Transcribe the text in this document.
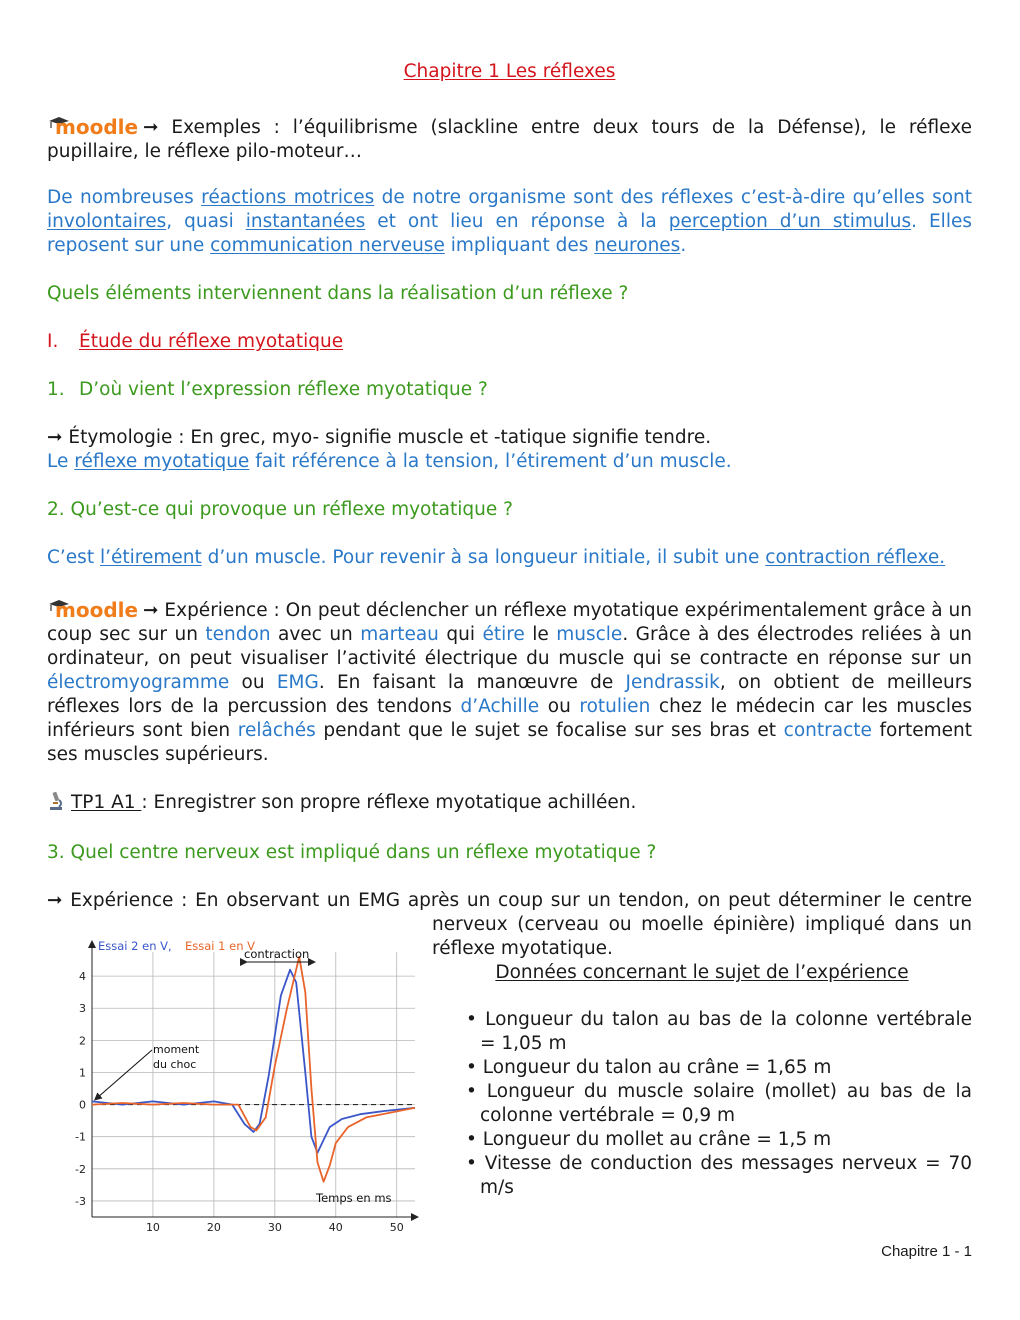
Chapitre 1 Les réflexes
moodle ➞ Exemples : l’équilibrisme (slackline entre deux tours de la Défense), le réflexe pupillaire, le réflexe pilo-moteur…
De nombreuses réactions motrices de notre organisme sont des réflexes c’est-à-dire qu’elles sont involontaires, quasi instantanées et ont lieu en réponse à la perception d’un stimulus. Elles reposent sur une communication nerveuse impliquant des neurones.
Quels éléments interviennent dans la réalisation d’un réflexe ?
I. Étude du réflexe myotatique
1. D’où vient l’expression réflexe myotatique ?
➞ Étymologie : En grec, myo- signifie muscle et -tatique signifie tendre.
Le réflexe myotatique fait référence à la tension, l’étirement d’un muscle.
2. Qu’est-ce qui provoque un réflexe myotatique ?
C’est l’étirement d’un muscle. Pour revenir à sa longueur initiale, il subit une contraction réflexe.
moodle ➞ Expérience : On peut déclencher un réflexe myotatique expérimentalement grâce à un coup sec sur un tendon avec un marteau qui étire le muscle. Grâce à des électrodes reliées à un ordinateur, on peut visualiser l’activité électrique du muscle qui se contracte en réponse sur un électromyogramme ou EMG. En faisant la manœuvre de Jendrassik, on obtient de meilleurs réflexes lors de la percussion des tendons d’Achille ou rotulien chez le médecin car les muscles inférieurs sont bien relâchés pendant que le sujet se focalise sur ses bras et contracte fortement ses muscles supérieurs.
TP1 A1 : Enregistrer son propre réflexe myotatique achilléen.
3. Quel centre nerveux est impliqué dans un réflexe myotatique ?
➞ Expérience : En observant un EMG après un coup sur un tendon, on peut déterminer le centre
nerveux (cerveau ou moelle épinière) impliqué dans un réflexe myotatique.
Données concernant le sujet de l’expérience
• Longueur du talon au bas de la colonne vertébrale = 1,05 m
• Longueur du talon au crâne = 1,65 m
• Longueur du muscle solaire (mollet) au bas de la colonne vertébrale = 0,9 m
• Longueur du mollet au crâne = 1,5 m
• Vitesse de conduction des messages nerveux = 70 m/s
10	20	30	40	50
4
3
2
1
0
-1
-2
-3
Essai 2 en V, Essai 1 en V
contraction
moment
du choc
Temps en ms
Chapitre 1 - 1
